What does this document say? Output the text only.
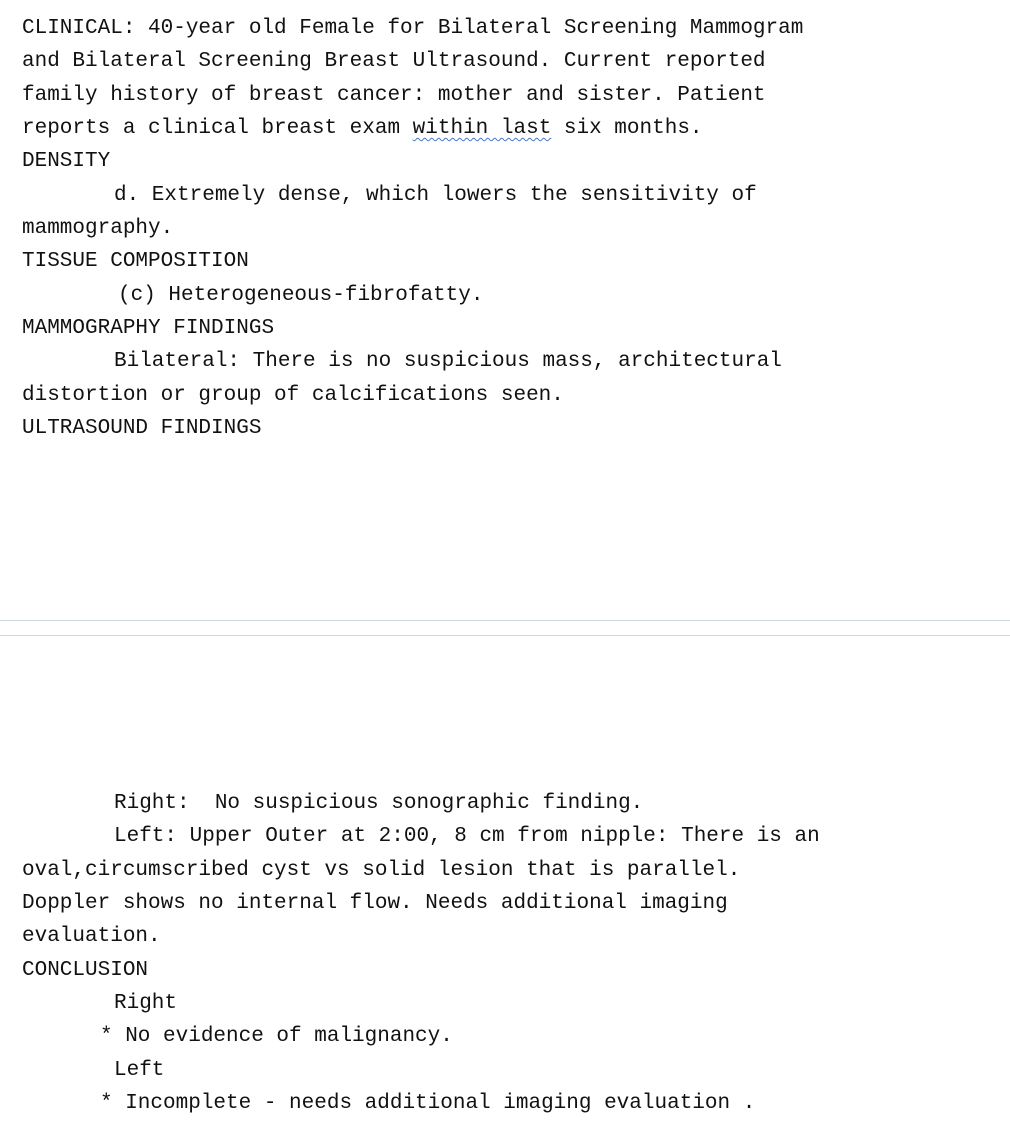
CLINICAL: 40-year old Female for Bilateral Screening Mammogram
and Bilateral Screening Breast Ultrasound. Current reported
family history of breast cancer: mother and sister. Patient
reports a clinical breast exam within last six months.
DENSITY
d. Extremely dense, which lowers the sensitivity of
mammography.
TISSUE COMPOSITION
(c) Heterogeneous-fibrofatty.
MAMMOGRAPHY FINDINGS
Bilateral: There is no suspicious mass, architectural
distortion or group of calcifications seen.
ULTRASOUND FINDINGS
Right:  No suspicious sonographic finding.
Left: Upper Outer at 2:00, 8 cm from nipple: There is an
oval,circumscribed cyst vs solid lesion that is parallel.
Doppler shows no internal flow. Needs additional imaging
evaluation.
CONCLUSION
Right
* No evidence of malignancy.
Left
* Incomplete - needs additional imaging evaluation .
